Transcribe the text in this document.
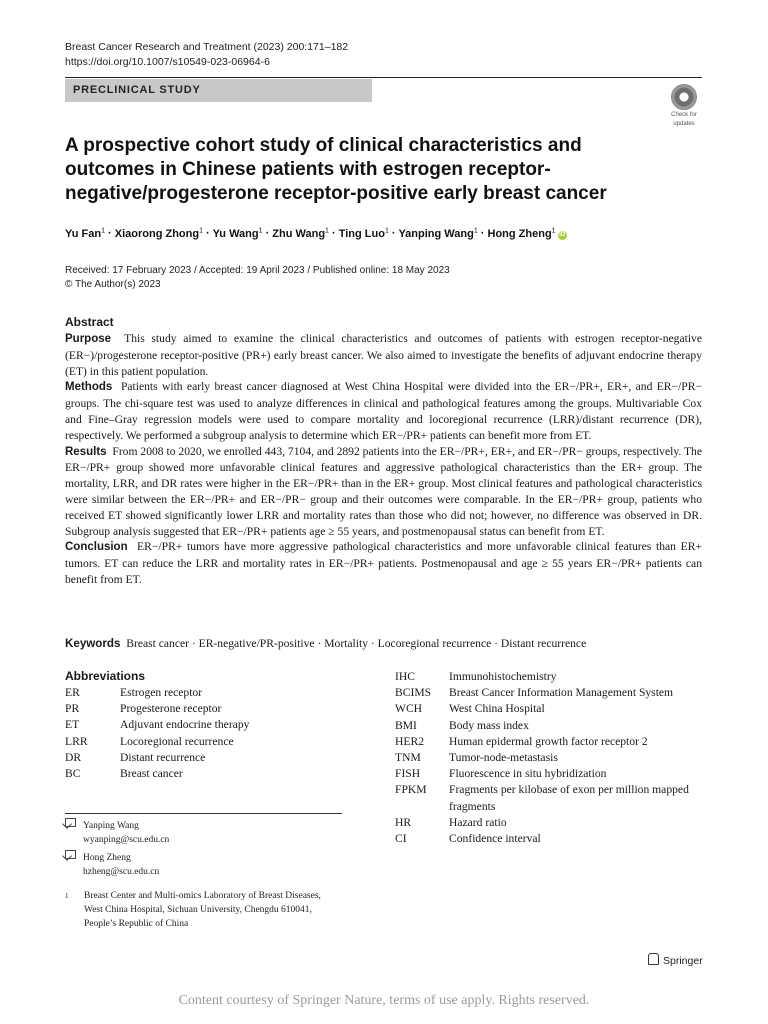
Breast Cancer Research and Treatment (2023) 200:171–182
https://doi.org/10.1007/s10549-023-06964-6
PRECLINICAL STUDY
Check for
updates
A prospective cohort study of clinical characteristics and outcomes in Chinese patients with estrogen receptor-negative/progesterone receptor-positive early breast cancer
Yu Fan$^1$ · Xiaorong Zhong$^1$ · Yu Wang$^1$ · Zhu Wang$^1$ · Ting Luo$^1$ · Yanping Wang$^1$ · Hong Zheng$^1$iD
Received: 17 February 2023 / Accepted: 19 April 2023 / Published online: 18 May 2023
© The Author(s) 2023
Abstract

Purpose This study aimed to examine the clinical characteristics and outcomes of patients with estrogen receptor-negative (ER−)/progesterone receptor-positive (PR+) early breast cancer. We also aimed to investigate the benefits of adjuvant endocrine therapy (ET) in this patient population.

Methods Patients with early breast cancer diagnosed at West China Hospital were divided into the ER−/PR+, ER+, and ER−/PR− groups. The chi-square test was used to analyze differences in clinical and pathological features among the groups. Multivariable Cox and Fine–Gray regression models were used to compare mortality and locoregional recurrence (LRR)/distant recurrence (DR), respectively. We performed a subgroup analysis to determine which ER−/PR+ patients can benefit more from ET.

Results From 2008 to 2020, we enrolled 443, 7104, and 2892 patients into the ER−/PR+, ER+, and ER−/PR− groups, respectively. The ER−/PR+ group showed more unfavorable clinical features and aggressive pathological characteristics than the ER+ group. The mortality, LRR, and DR rates were higher in the ER−/PR+ than in the ER+ group. Most clinical features and pathological characteristics were similar between the ER−/PR+ and ER−/PR− group and their outcomes were comparable. In the ER−/PR+ group, patients who received ET showed significantly lower LRR and mortality rates than those who did not; however, no difference was observed in DR. Subgroup analysis suggested that ER−/PR+ patients age ≥ 55 years, and postmenopausal status can benefit from ET.

Conclusion ER−/PR+ tumors have more aggressive pathological characteristics and more unfavorable clinical features than ER+ tumors. ET can reduce the LRR and mortality rates in ER−/PR+ patients. Postmenopausal and age ≥ 55 years ER−/PR+ patients can benefit from ET.

Keywords Breast cancer · ER-negative/PR-positive · Mortality · Locoregional recurrence · Distant recurrence
Abbreviations
ER	Estrogen receptor
PR	Progesterone receptor
ET	Adjuvant endocrine therapy
LRR	Locoregional recurrence
DR	Distant recurrence
BC	Breast cancer
IHC	Immunohistochemistry
BCIMS	Breast Cancer Information Management System
WCH	West China Hospital
BMI	Body mass index
HER2	Human epidermal growth factor receptor 2
TNM	Tumor-node-metastasis
FISH	Fluorescence in situ hybridization
FPKM	Fragments per kilobase of exon per million mapped fragments
HR	Hazard ratio
CI	Confidence interval
Yanping Wang
wyanping@scu.edu.cn
Hong Zheng
hzheng@scu.edu.cn
1	Breast Center and Multi-omics Laboratory of Breast Diseases, West China Hospital, Sichuan University, Chengdu 610041, People’s Republic of China
Springer
Content courtesy of Springer Nature, terms of use apply. Rights reserved.
